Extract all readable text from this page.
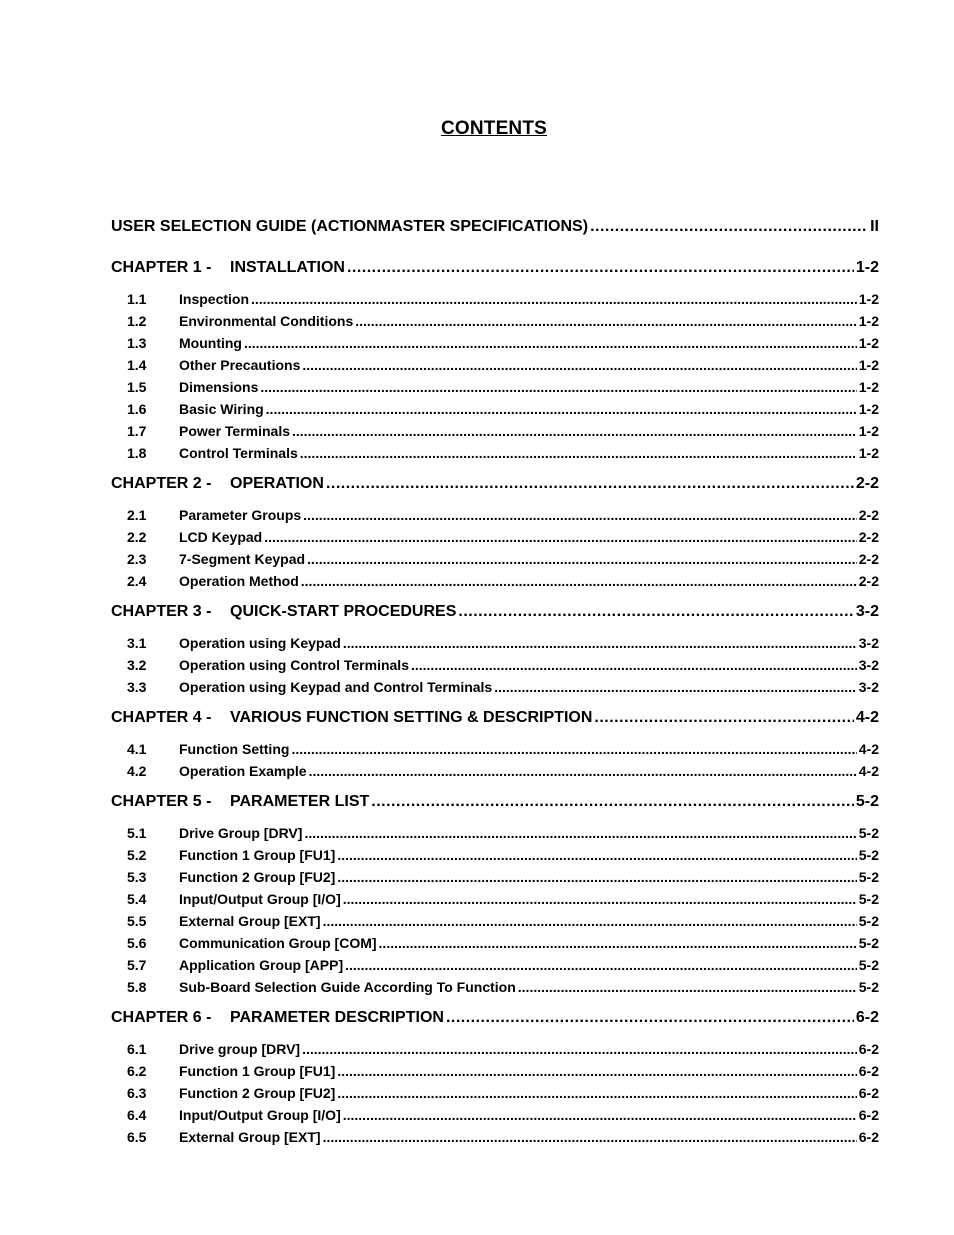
CONTENTS
USER SELECTION GUIDE (ACTIONMASTER SPECIFICATIONS) .....	II
CHAPTER 1 -	INSTALLATION .....	1-2
1.1	Inspection .....	1-2
1.2	Environmental Conditions .....	1-2
1.3	Mounting .....	1-2
1.4	Other Precautions .....	1-2
1.5	Dimensions .....	1-2
1.6	Basic Wiring .....	1-2
1.7	Power Terminals .....	1-2
1.8	Control Terminals .....	1-2
CHAPTER 2 -	OPERATION .....	2-2
2.1	Parameter Groups .....	2-2
2.2	LCD Keypad .....	2-2
2.3	7-Segment Keypad .....	2-2
2.4	Operation Method .....	2-2
CHAPTER 3 -	QUICK-START PROCEDURES .....	3-2
3.1	Operation using Keypad .....	3-2
3.2	Operation using Control Terminals .....	3-2
3.3	Operation using Keypad and Control Terminals .....	3-2
CHAPTER 4 -	VARIOUS FUNCTION SETTING & DESCRIPTION .....	4-2
4.1	Function Setting .....	4-2
4.2	Operation Example .....	4-2
CHAPTER 5 -	PARAMETER LIST .....	5-2
5.1	Drive Group [DRV] .....	5-2
5.2	Function 1 Group [FU1] .....	5-2
5.3	Function 2 Group [FU2] .....	5-2
5.4	Input/Output Group [I/O] .....	5-2
5.5	External Group [EXT] .....	5-2
5.6	Communication Group [COM] .....	5-2
5.7	Application Group [APP] .....	5-2
5.8	Sub-Board Selection Guide According To Function .....	5-2
CHAPTER 6 -	PARAMETER DESCRIPTION .....	6-2
6.1	Drive group [DRV] .....	6-2
6.2	Function 1 Group [FU1] .....	6-2
6.3	Function 2 Group [FU2] .....	6-2
6.4	Input/Output Group [I/O] .....	6-2
6.5	External Group [EXT] .....	6-2
